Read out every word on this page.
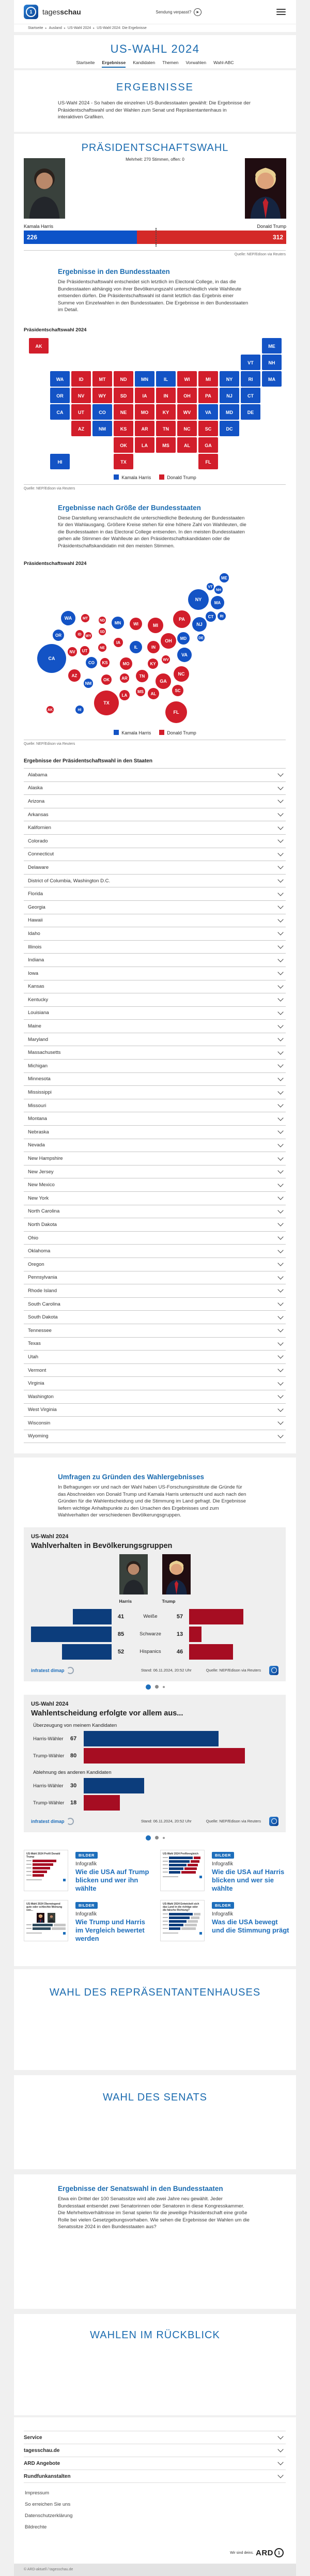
1	tagesschau	Sendung verpasst?	▶
Startseite ▸ Ausland ▸ US-Wahl 2024 ▸ US-Wahl 2024: Die Ergebnisse
US-WAHL 2024
Startseite Ergebnisse Kandidaten Themen Vorwahlen Wahl-ABC
ERGEBNISSE

US-Wahl 2024 - So haben die einzelnen US-Bundesstaaten gewählt: Die Ergebnisse der Präsidentschaftswahl und der Wahlen zum Senat und Repräsentantenhaus in interaktiven Grafiken.

PRÄSIDENTSCHAFTSWAHL
Mehrheit: 270 Stimmen, offen: 0
Kamala Harris	Donald Trump
226	312
Quelle: NEP/Edison via Reuters
Ergebnisse in den Bundesstaaten

Die Präsidentschaftswahl entscheidet sich letztlich im Electoral College, in das die Bundesstaaten abhängig von ihrer Bevölkerungszahl unterschiedlich viele Wahlleute entsenden dürfen. Die Präsidentschaftswahl ist damit letztlich das Ergebnis einer Summe von Einzelwahlen in den Bundesstaaten. Die Ergebnisse in den Bundesstaaten im Detail.

Präsidentschaftswahl 2024
AK	ME
VT	NH
WA	ID	MT	ND	MN	IL	WI	MI	NY	RI	MA
OR	NV	WY	SD	IA	IN	OH	PA	NJ	CT
CA	UT	CO	NE	MO	KY	WV	VA	MD	DE
AZ	NM	KS	AR	TN	NC	SC	DC
OK	LA	MS	AL	GA
HI	TX	FL
Kamala Harris	Donald Trump
Quelle: NEP/Edison via Reuters
Ergebnisse nach Größe der Bundesstaaten

Diese Darstellung veranschaulicht die unterschiedliche Bedeutung der Bundesstaaten für den Wahlausgang. Größere Kreise stehen für eine höhere Zahl von Wahlleuten, die die Bundesstaaten in das Electoral College entsenden. In den meisten Bundesstaaten gehen alle Stimmen der Wahlleute an den Präsidentschaftskandidaten oder die Präsidentschaftskandidatin mit den meisten Stimmen.

Präsidentschaftswahl 2024
ME
VT
NH
NY
MA
PA	CT RI
NJ
WA	MT
ND MN	WI	MI
OR	ID WY
SD
IA
NE	IL	IN
OH MD	DE
NV UT
CA
CO KS	MO	KY
WV
VA
AZ
NM
OK	AR	TN	NC
GA
SC
MS AL
LA
TX
AK	HI	FL
Kamala Harris	Donald Trump
Quelle: NEP/Edison via Reuters
Ergebnisse der Präsidentschaftswahl in den Staaten
Alabama
Alaska
Arizona
Arkansas
Kalifornien
Colorado
Connecticut
Delaware
District of Columbia, Washington D.C.
Florida
Georgia
Hawaii
Idaho
Illinois
Indiana
Iowa
Kansas
Kentucky
Louisiana
Maine
Maryland
Massachusetts
Michigan
Minnesota
Mississippi
Missouri
Montana
Nebraska
Nevada
New Hampshire
New Jersey
New Mexico
New York
North Carolina
North Dakota
Ohio
Oklahoma
Oregon
Pennsylvania
Rhode Island
South Carolina
South Dakota
Tennessee
Texas
Utah
Vermont
Virginia
Washington
West Virginia
Wisconsin
Wyoming
Umfragen zu Gründen des Wahlergebnisses

In Befragungen vor und nach der Wahl haben US-Forschungsinstitute die Gründe für das Abschneiden von Donald Trump und Kamala Harris untersucht und auch nach den Gründen für die Wahlentscheidung und die Stimmung im Land gefragt. Die Ergebnisse liefern wichtige Anhaltspunkte zu den Ursachen des Ergebnisses und zum Wahlverhalten der verschiedenen Bevölkerungsgruppen.

US-Wahl 2024
Wahlverhalten in Bevölkerungsgruppen
Harris	Trump
41	Weiße	57
85	Schwarze	13
52	Hispanics	46
infratest dimap	Stand: 06.11.2024, 20:52 Uhr	Quelle: NEP/Edison via Reuters
US-Wahl 2024
Wahlentscheidung erfolgte vor allem aus...
Überzeugung von meinem Kandidaten
Harris-Wähler	67
Trump-Wähler	80
Ablehnung des anderen Kandidaten
Harris-Wähler	30
Trump-Wähler	18
infratest dimap	Stand: 06.11.2024, 20:52 Uhr	Quelle: NEP/Edison via Reuters
US-Wahl 2024 Profil Donald Trump	BILDER
Infografik
Wie die USA auf Trump blicken und wer ihn wählte
US-Wahl 2024 Profilvergleich	BILDER
Infografik
Wie die USA auf Harris blicken und wer sie wählte
US-Wahl 2024 Überwiegend gute oder schlechte Meinung von...
BILDER
Infografik
Wie Trump und Harris im Vergleich bewertet werden
US-Wahl 2024 Entwickelt sich das Land in die richtige oder die falsche Richtung?
BILDER
Infografik
Was die USA bewegt und die Stimmung prägt
WAHL DES REPRÄSENTANTENHAUSES
WAHL DES SENATS
Ergebnisse der Senatswahl in den Bundesstaaten

Etwa ein Drittel der 100 Senatssitze wird alle zwei Jahre neu gewählt. Jeder Bundesstaat entsendet zwei Senatorinnen oder Senatoren in diese Kongresskammer. Die Mehrheitsverhältnisse im Senat spielen für die jeweilige Präsidentschaft eine große Rolle bei vielen Gesetzgebungsvorhaben. Wie sehen die Ergebnisse der Wahlen um die Senatssitze 2024 in den Bundesstaaten aus?

WAHLEN IM RÜCKBLICK
Service
tagesschau.de
ARD Angebote
Rundfunkanstalten
Impressum
So erreichen Sie uns
Datenschutzerklärung
Bildrechte
Wir sind deins. ARD	1
© ARD-aktuell / tagesschau.de
